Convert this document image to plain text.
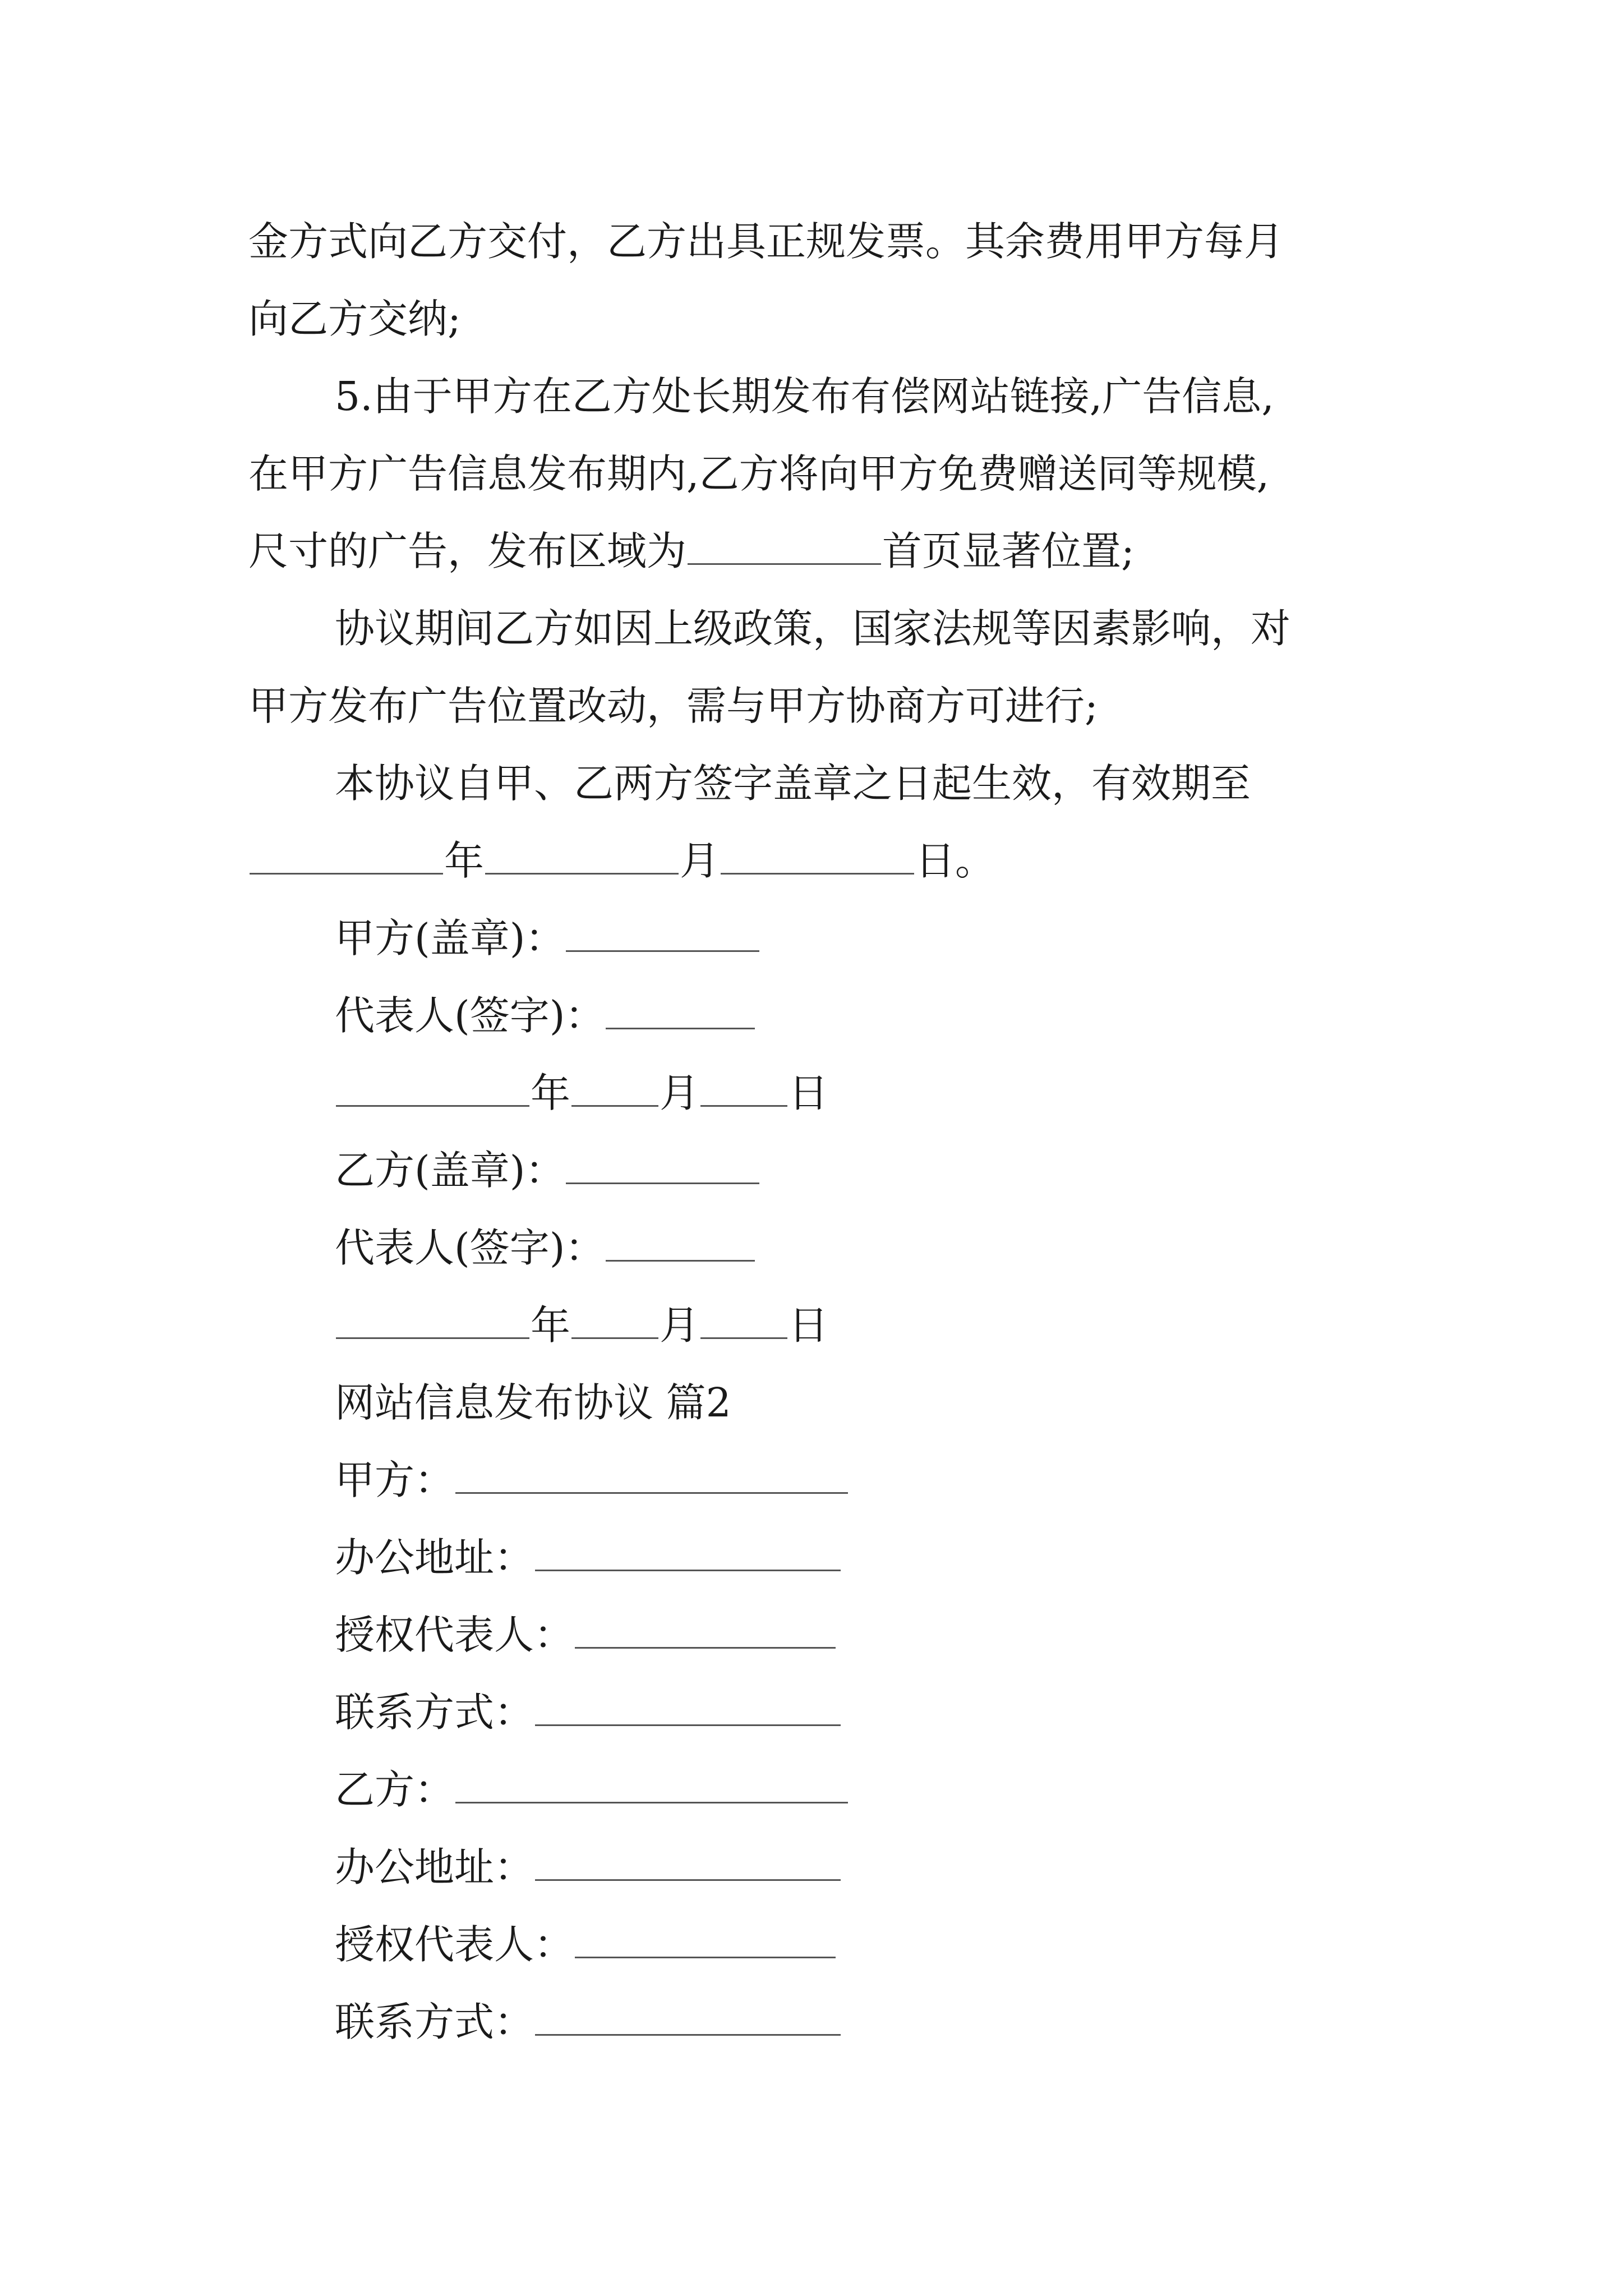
金方式向乙方交付，乙方出具正规发票。其余费用甲方每月
向乙方交纳;
5.由于甲方在乙方处长期发布有偿网站链接,广告信息,
在甲方广告信息发布期内,乙方将向甲方免费赠送同等规模,
尺寸的广告，发布区域为	首页显著位置;
协议期间乙方如因上级政策，国家法规等因素影响，对
甲方发布广告位置改动，需与甲方协商方可进行;
本协议自甲、乙两方签字盖章之日起生效，有效期至
年	月	日。
甲方(盖章)：
代表人(签字)：
年 月 日
乙方(盖章)：
代表人(签字)：
年 月 日
网站信息发布协议 篇2
甲方：
办公地址：
授权代表人：
联系方式：
乙方：
办公地址：
授权代表人：
联系方式：
